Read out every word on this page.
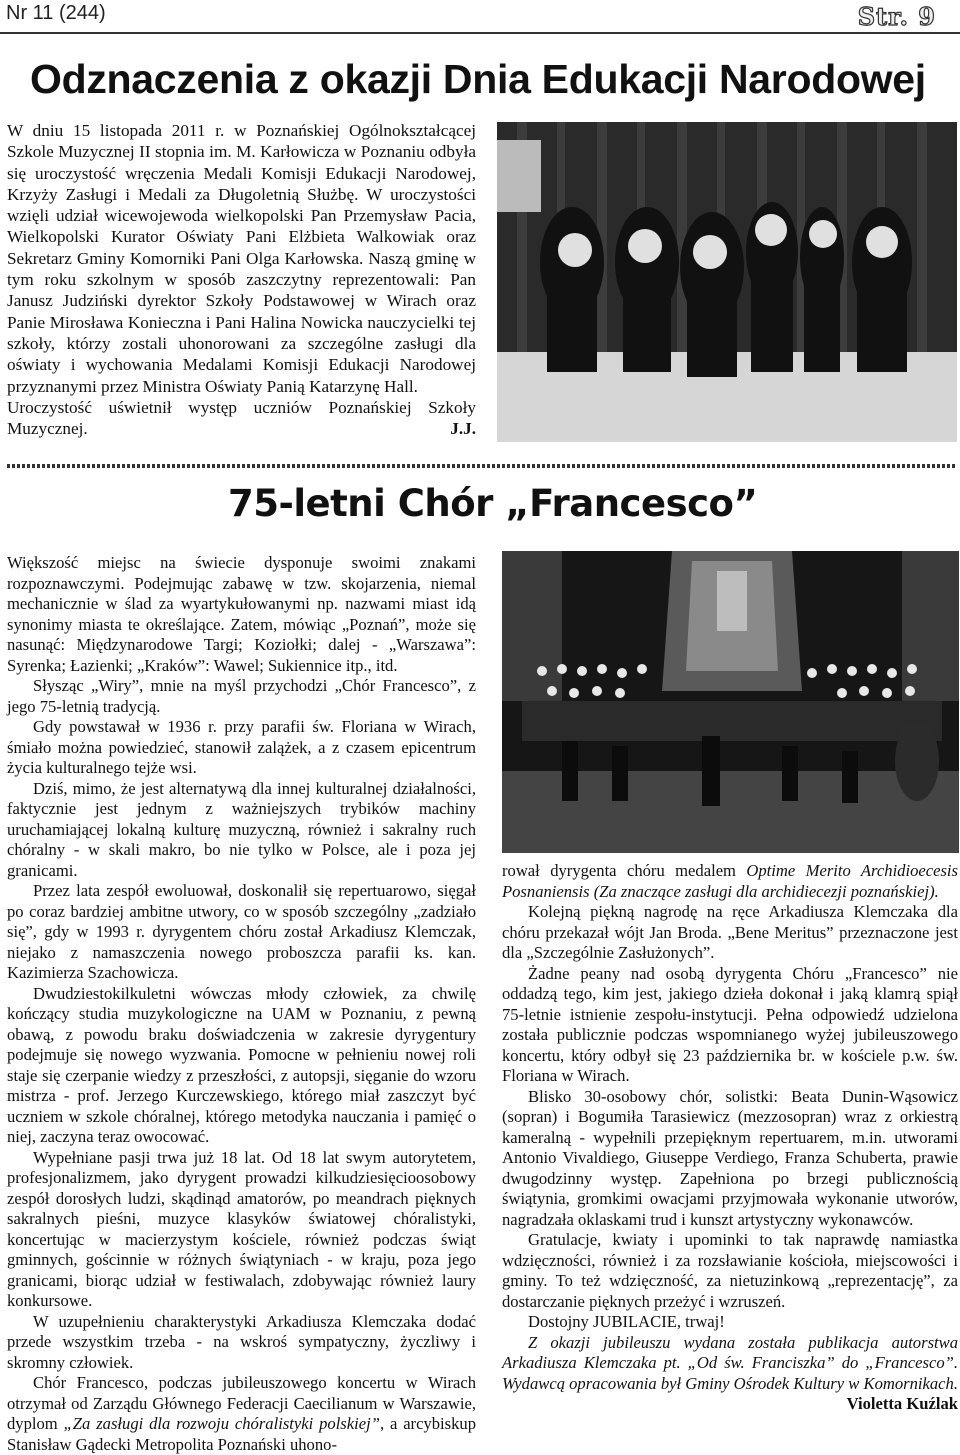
Nr 11 (244)	Str. 9
Odznaczenia z okazji Dnia Edukacji Narodowej

W dniu 15 listopada 2011 r. w Poznańskiej Ogólnokształcącej Szkole Muzycznej II stopnia im. M. Karłowicza w Poznaniu odbyła się uroczystość wręczenia Medali Komisji Edukacji Narodowej, Krzyży Zasługi i Medali za Długoletnią Służbę. W uroczystości wzięli udział wicewojewoda wielkopolski Pan Przemysław Pacia, Wielkopolski Kurator Oświaty Pani Elżbieta Walkowiak oraz Sekretarz Gminy Komorniki Pani Olga Karłowska. Naszą gminę w tym roku szkolnym w sposób zaszczytny reprezentowali: Pan Janusz Judziński dyrektor Szkoły Podstawowej w Wirach oraz Panie Mirosława Konieczna i Pani Halina Nowicka nauczycielki tej szkoły, którzy zostali uhonorowani za szczególne zasługi dla oświaty i wychowania Medalami Komisji Edukacji Narodowej przyznanymi przez Ministra Oświaty Panią Katarzynę Hall.

Uroczystość uświetnił występ uczniów Poznańskiej Szkoły Muzycznej.	J.J.

75-letni Chór „Francesco”

Większość miejsc na świecie dysponuje swoimi znakami rozpoznawczymi. Podejmując zabawę w tzw. skojarzenia, niemal mechanicznie w ślad za wyartykułowanymi np. nazwami miast idą synonimy miasta te określające. Zatem, mówiąc „Poznań”, może się nasunąć: Międzynarodowe Targi; Koziołki; dalej - „Warszawa”: Syrenka; Łazienki; „Kraków”: Wawel; Sukiennice itp., itd.

Słysząc „Wiry”, mnie na myśl przychodzi „Chór Francesco”, z jego 75-letnią tradycją.

Gdy powstawał w 1936 r. przy parafii św. Floriana w Wirach, śmiało można powiedzieć, stanowił zalążek, a z czasem epicentrum życia kulturalnego tejże wsi.

Dziś, mimo, że jest alternatywą dla innej kulturalnej działalności, faktycznie jest jednym z ważniejszych trybików machiny uruchamiającej lokalną kulturę muzyczną, również i sakralny ruch chóralny - w skali makro, bo nie tylko w Polsce, ale i poza jej granicami.

Przez lata zespół ewoluował, doskonalił się repertuarowo, sięgał po coraz bardziej ambitne utwory, co w sposób szczególny „zadziało się”, gdy w 1993 r. dyrygentem chóru został Arkadiusz Klemczak, niejako z namaszczenia nowego proboszcza parafii ks. kan. Kazimierza Szachowicza.

Dwudziestokilkuletni wówczas młody człowiek, za chwilę kończący studia muzykologiczne na UAM w Poznaniu, z pewną obawą, z powodu braku doświadczenia w zakresie dyrygentury podejmuje się nowego wyzwania. Pomocne w pełnieniu nowej roli staje się czerpanie wiedzy z przeszłości, z autopsji, sięganie do wzoru mistrza - prof. Jerzego Kurczewskiego, którego miał zaszczyt być uczniem w szkole chóralnej, którego metodyka nauczania i pamięć o niej, zaczyna teraz owocować.

Wypełniane pasji trwa już 18 lat. Od 18 lat swym autorytetem, profesjonalizmem, jako dyrygent prowadzi kilkudziesięcioosobowy zespół dorosłych ludzi, skądinąd amatorów, po meandrach pięknych sakralnych pieśni, muzyce klasyków światowej chóralistyki, koncertując w macierzystym kościele, również podczas świąt gminnych, gościnnie w różnych świątyniach - w kraju, poza jego granicami, biorąc udział w festiwalach, zdobywając również laury konkursowe.

W uzupełnieniu charakterystyki Arkadiusza Klemczaka dodać przede wszystkim trzeba - na wskroś sympatyczny, życzliwy i skromny człowiek.

Chór Francesco, podczas jubileuszowego koncertu w Wirach otrzymał od Zarządu Głównego Federacji Caecilianum w Warszawie, dyplom „Za zasługi dla rozwoju chóralistyki polskiej”, a arcybiskup Stanisław Gądecki Metropolita Poznański uhono-

rował dyrygenta chóru medalem Optime Merito Archidioecesis Posnaniensis (Za znaczące zasługi dla archidiecezji poznańskiej).

Kolejną piękną nagrodę na ręce Arkadiusza Klemczaka dla chóru przekazał wójt Jan Broda. „Bene Meritus” przeznaczone jest dla „Szczególnie Zasłużonych”.

Żadne peany nad osobą dyrygenta Chóru „Francesco” nie oddadzą tego, kim jest, jakiego dzieła dokonał i jaką klamrą spiął 75-letnie istnienie zespołu-instytucji. Pełna odpowiedź udzielona została publicznie podczas wspomnianego wyżej jubileuszowego koncertu, który odbył się 23 października br. w kościele p.w. św. Floriana w Wirach.

Blisko 30-osobowy chór, solistki: Beata Dunin-Wąsowicz (sopran) i Bogumiła Tarasiewicz (mezzosopran) wraz z orkiestrą kameralną - wypełnili przepięknym repertuarem, m.in. utworami Antonio Vivaldiego, Giuseppe Verdiego, Franza Schuberta, prawie dwugodzinny występ. Zapełniona po brzegi publicznością świątynia, gromkimi owacjami przyjmowała wykonanie utworów, nagradzała oklaskami trud i kunszt artystyczny wykonawców.

Gratulacje, kwiaty i upominki to tak naprawdę namiastka wdzięczności, również i za rozsławianie kościoła, miejscowości i gminy. To też wdzięczność, za nietuzinkową „reprezentację”, za dostarczanie pięknych przeżyć i wzruszeń.

Dostojny JUBILACIE, trwaj!

Z okazji jubileuszu wydana została publikacja autorstwa Arkadiusza Klemczaka pt. „Od św. Franciszka” do „Francesco”. Wydawcą opracowania był Gminy Ośrodek Kultury w Komornikach.
Violetta Kuźlak
